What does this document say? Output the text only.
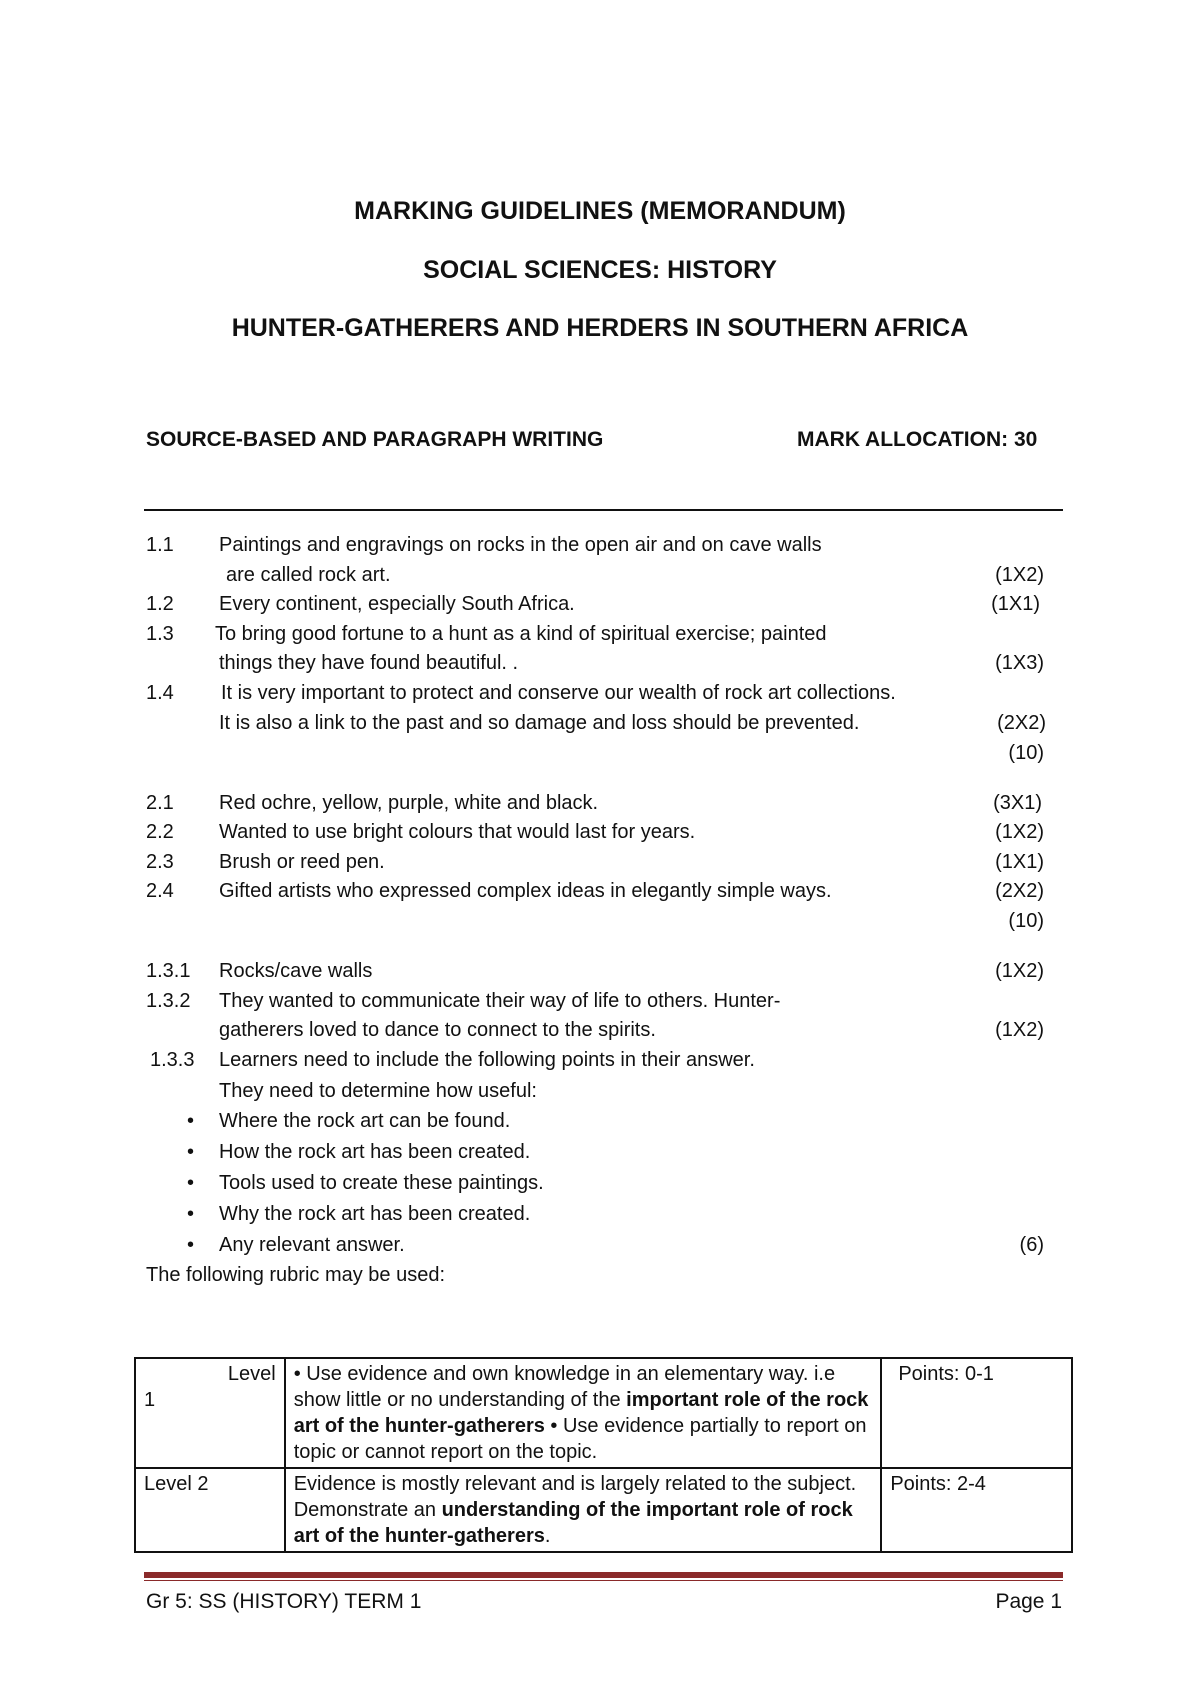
MARKING GUIDELINES (MEMORANDUM)
SOCIAL SCIENCES: HISTORY
HUNTER-GATHERERS AND HERDERS IN SOUTHERN AFRICA
SOURCE-BASED AND PARAGRAPH WRITING	MARK ALLOCATION: 30
1.1 Paintings and engravings on rocks in the open air and on cave walls
are called rock art.	(1X2)
1.2 Every continent, especially South Africa.	(1X1)
1.3 To bring good fortune to a hunt as a kind of spiritual exercise; painted
things they have found beautiful. .	(1X3)
1.4 It is very important to protect and conserve our wealth of rock art collections.
It is also a link to the past and so damage and loss should be prevented.	(2X2)
(10)
2.1 Red ochre, yellow, purple, white and black.	(3X1)
2.2 Wanted to use bright colours that would last for years.	(1X2)
2.3 Brush or reed pen.	(1X1)
2.4 Gifted artists who expressed complex ideas in elegantly simple ways.	(2X2)
(10)
1.3.1 Rocks/cave walls	(1X2)
1.3.2 They wanted to communicate their way of life to others. Hunter-
gatherers loved to dance to connect to the spirits.	(1X2)
1.3.3 Learners need to include the following points in their answer.
They need to determine how useful:
• Where the rock art can be found.
• How the rock art has been created.
• Tools used to create these paintings.
• Why the rock art has been created.
• Any relevant answer.	(6)
The following rubric may be used:
Level
1	• Use evidence and own knowledge in an elementary way. i.e show little or no understanding of the important role of the rock art of the hunter-gatherers • Use evidence partially to report on topic or cannot report on the topic.	Points: 0-1
Level 2	Evidence is mostly relevant and is largely related to the subject. Demonstrate an understanding of the important role of rock art of the hunter-gatherers.	Points: 2-4
Gr 5: SS (HISTORY) TERM 1	Page 1
